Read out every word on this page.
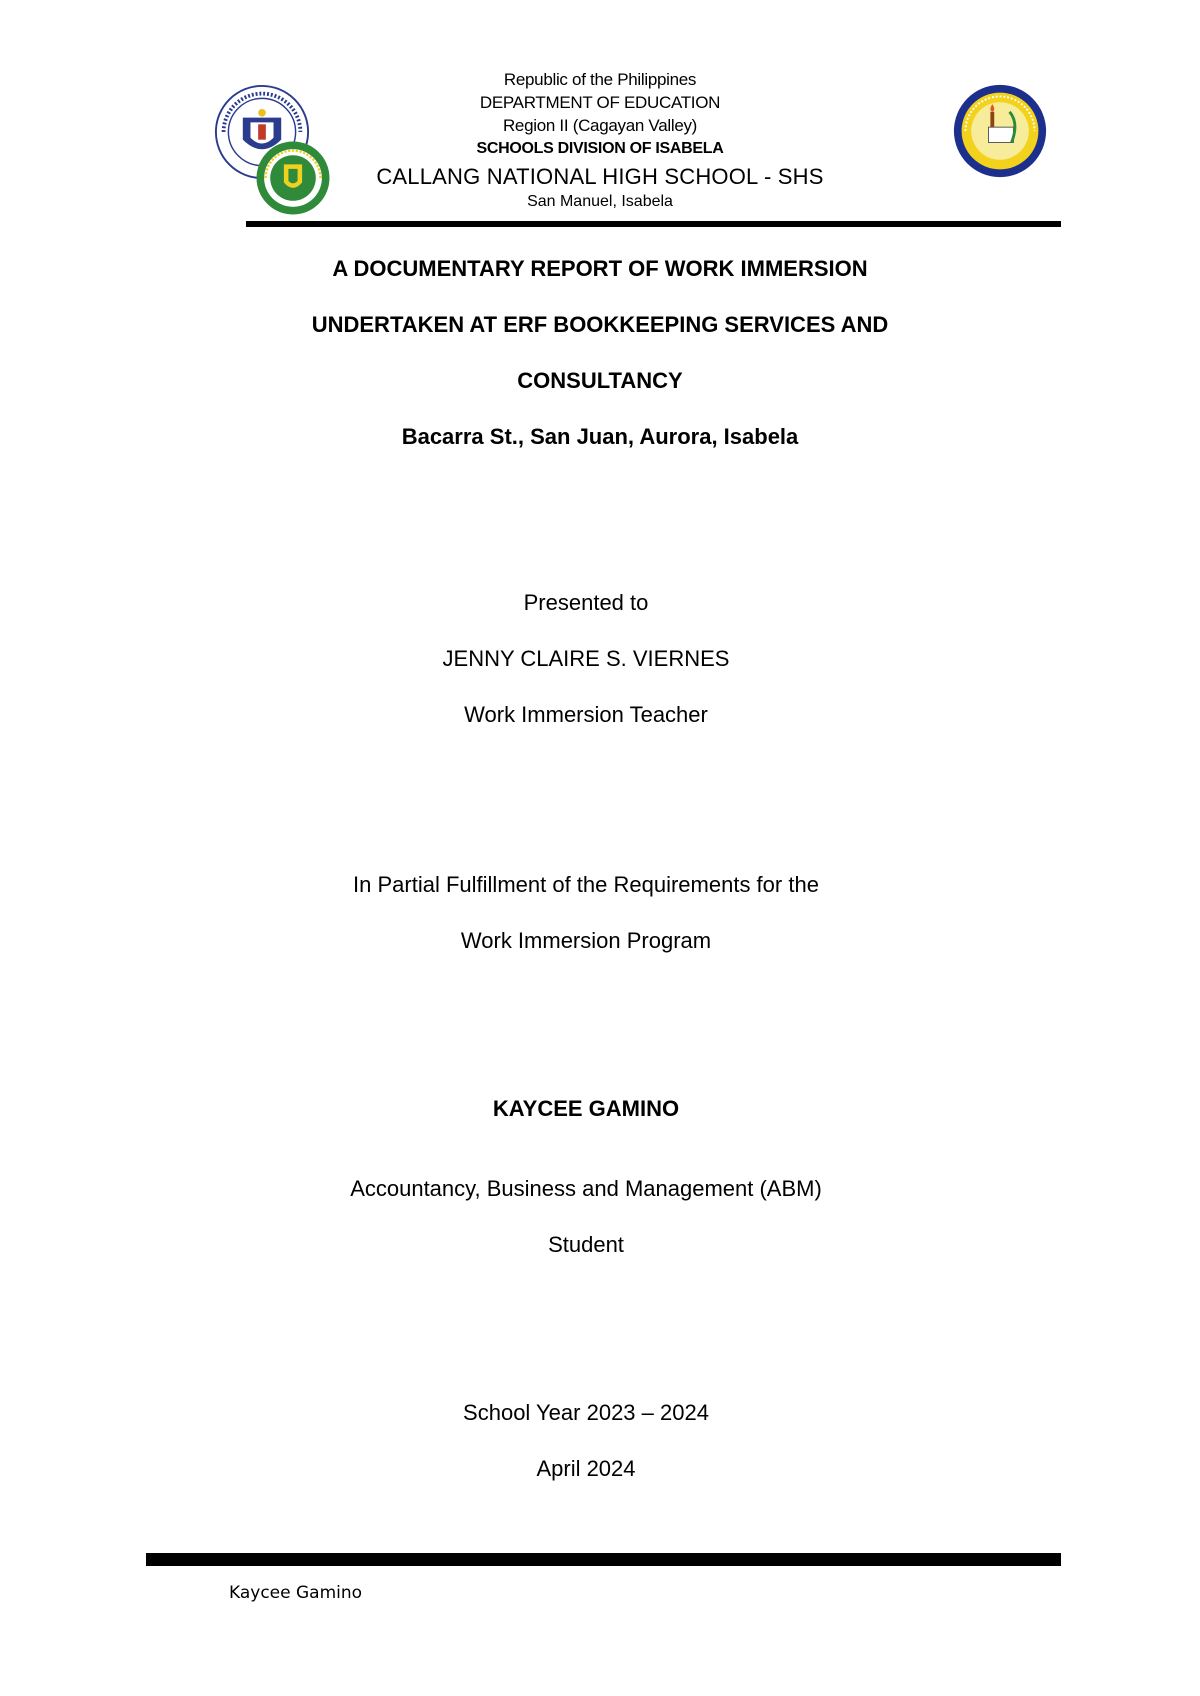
Republic of the Philippines
DEPARTMENT OF EDUCATION
Region II (Cagayan Valley)
SCHOOLS DIVISION OF ISABELA
CALLANG NATIONAL HIGH SCHOOL - SHS
San Manuel, Isabela
A DOCUMENTARY REPORT OF WORK IMMERSION
UNDERTAKEN AT ERF BOOKKEEPING SERVICES AND
CONSULTANCY
Bacarra St., San Juan, Aurora, Isabela
Presented to
JENNY CLAIRE S. VIERNES
Work Immersion Teacher
In Partial Fulfillment of the Requirements for the
Work Immersion Program
KAYCEE GAMINO
Accountancy, Business and Management (ABM)
Student
School Year 2023 – 2024
April 2024
Kaycee Gamino
